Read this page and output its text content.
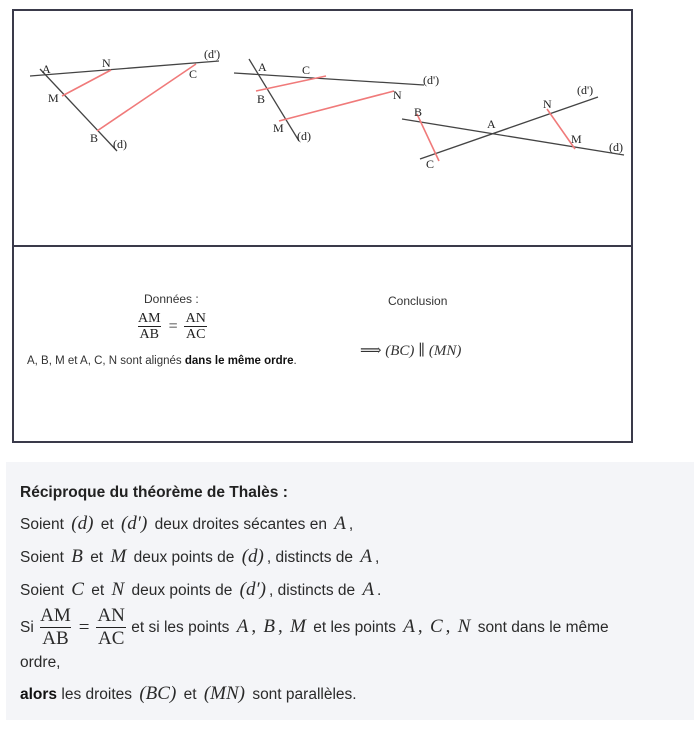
A	N
(d')
C
M
B (d)
A	C
(d')
B	N
M
(d)
B
A
N
(d')
M
(d)
C
Données :	Conclusion
$\frac{AM}{AB} = \frac{AN}{AC}$
A, B, M et A, C, N sont alignés dans le même ordre.
⟹ (BC) ∥ (MN)
Réciproque du théorème de Thalès :
Soient (d) et (d′) deux droites sécantes en A ,
Soient B et M deux points de (d) , distincts de A ,
Soient C et N deux points de (d′) , distincts de A .
Si $\frac{AM}{AB} = \frac{AN}{AC}$ et si les points A , B , M et les points A , C , N sont dans le même
ordre,
alors les droites (BC) et (MN) sont parallèles.
